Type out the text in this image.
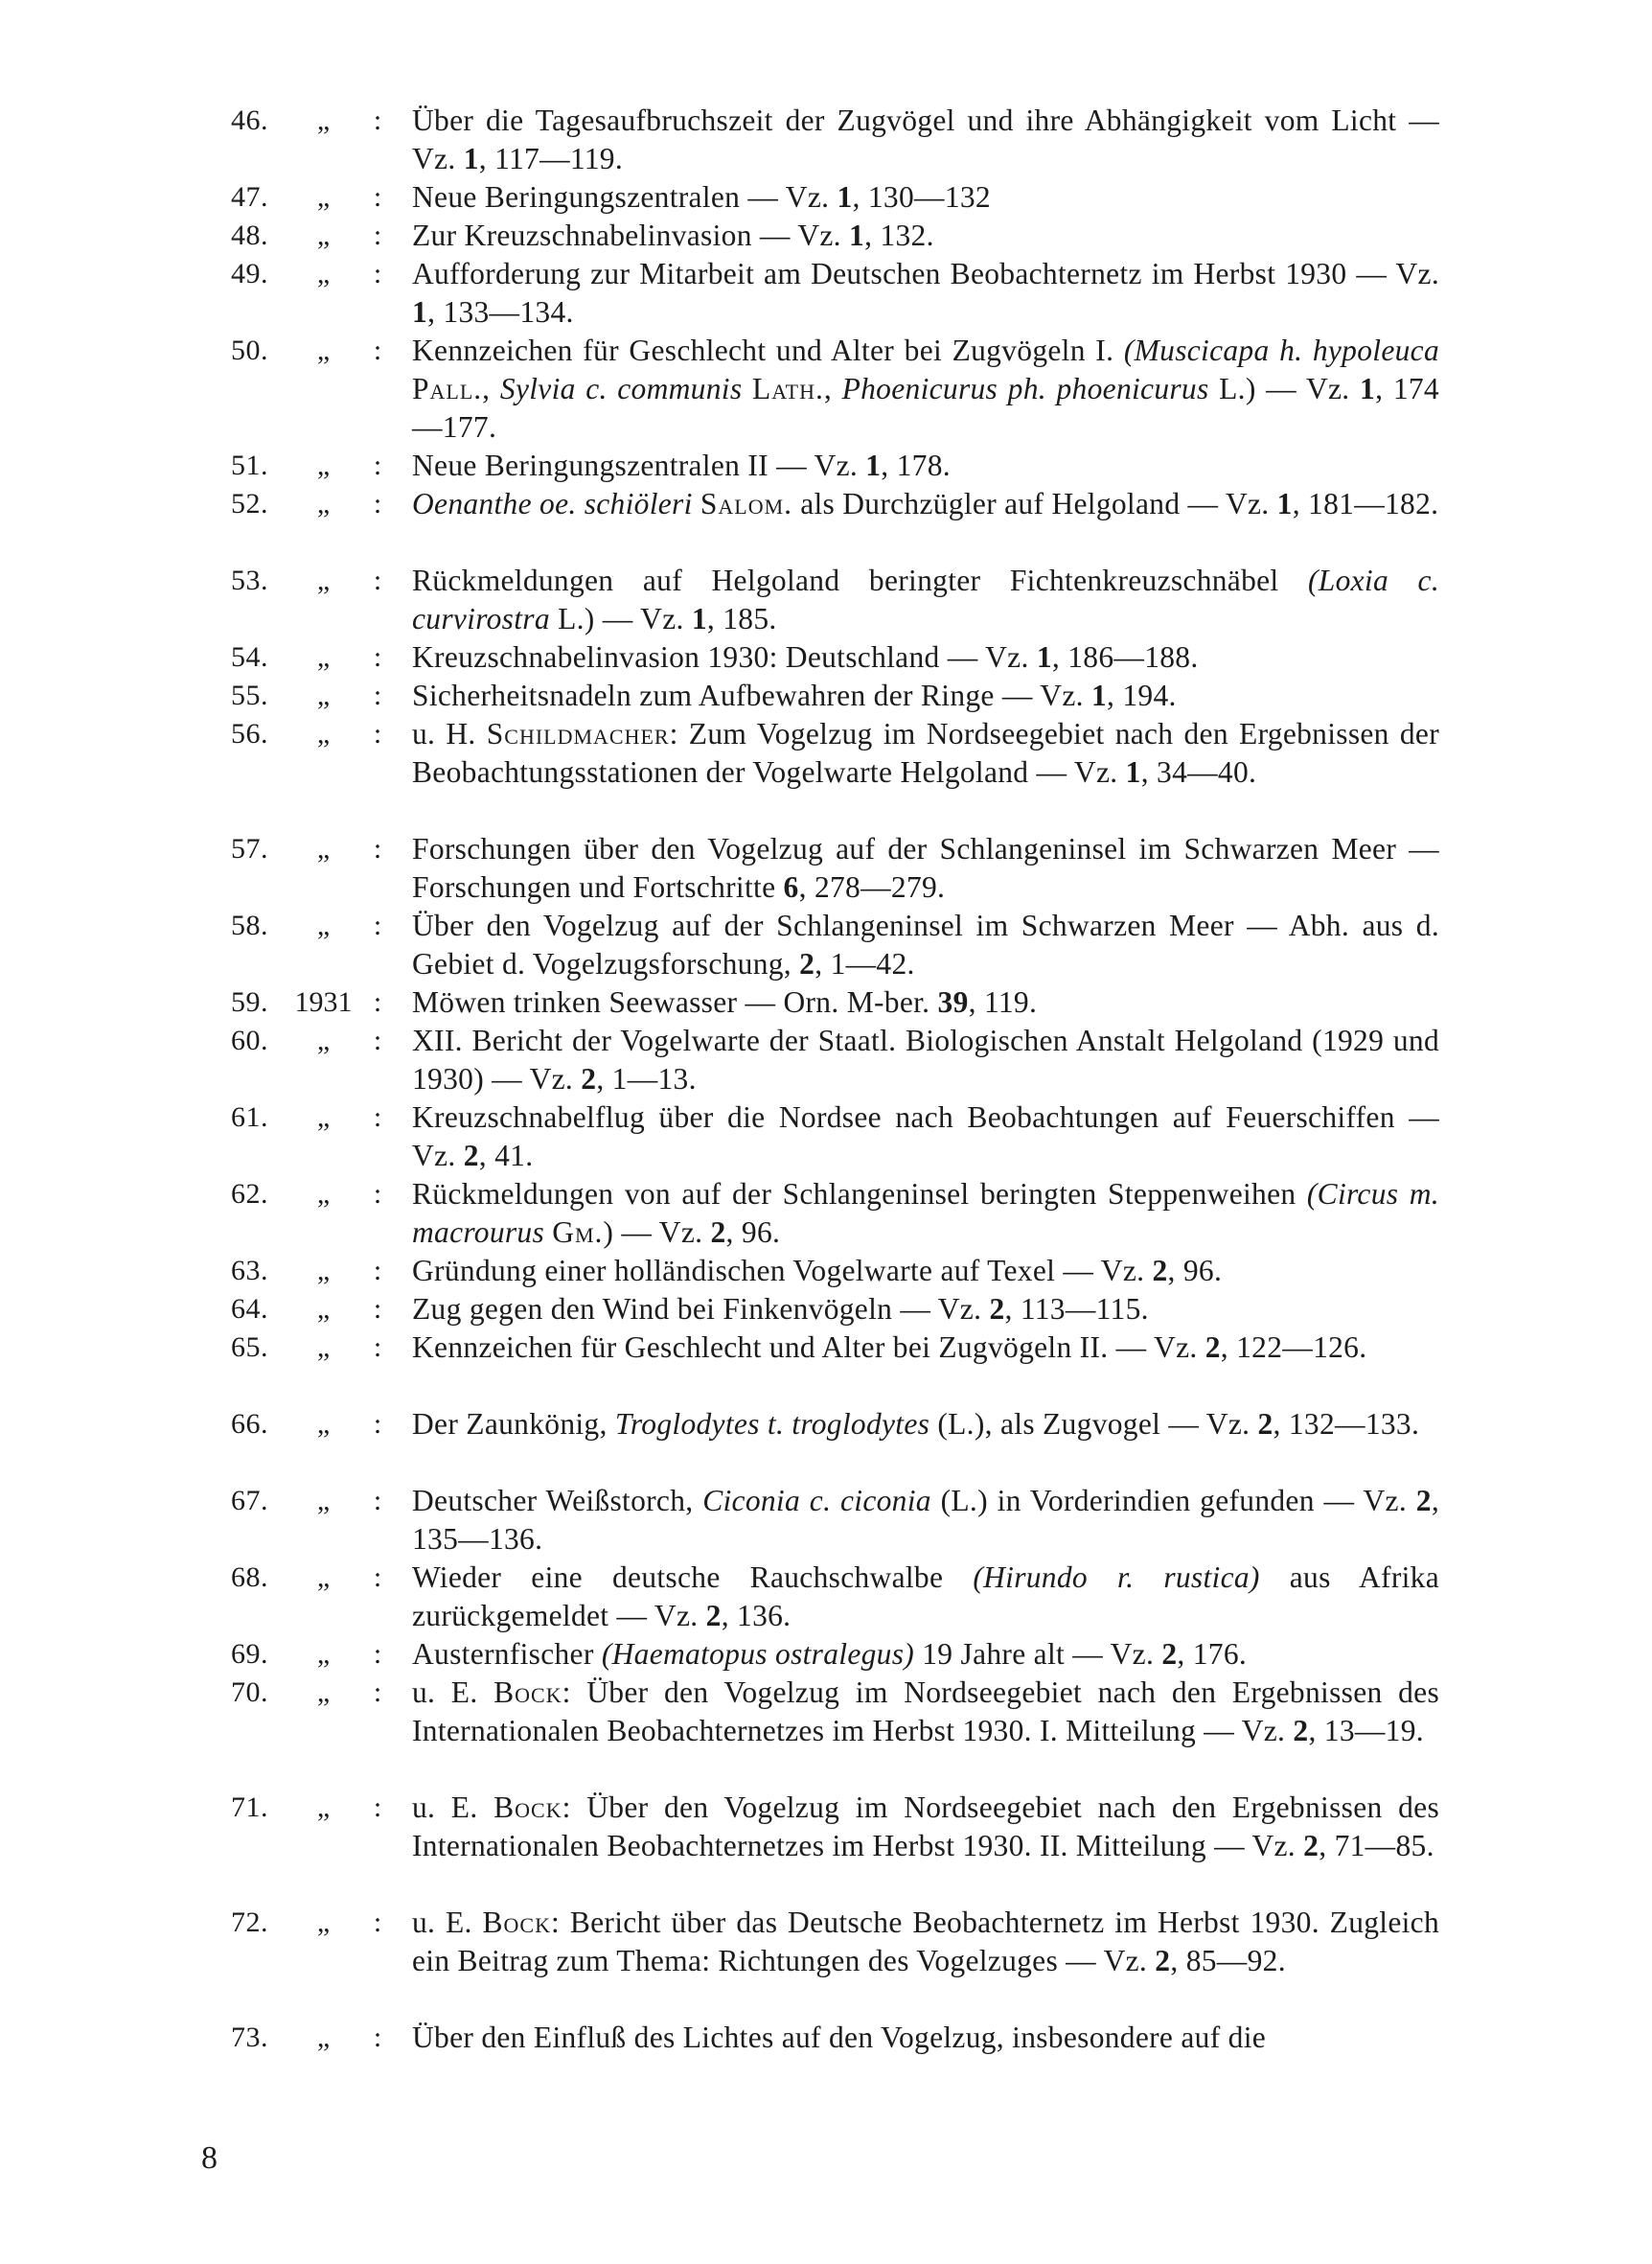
46.	„	: Über die Tagesaufbruchszeit der Zugvögel und ihre Abhängigkeit vom Licht — Vz. 1, 117—119.

47.	„	: Neue Beringungszentralen — Vz. 1, 130—132

48.	„	: Zur Kreuzschnabelinvasion — Vz. 1, 132.

49.	„	: Aufforderung zur Mitarbeit am Deutschen Beobachternetz im Herbst 1930 — Vz. 1, 133—134.

50.	„	: Kennzeichen für Geschlecht und Alter bei Zugvögeln I. (Muscicapa h. hypoleuca Pall., Sylvia c. communis Lath., Phoenicurus ph. phoenicurus L.) — Vz. 1, 174—177.

51.	„	: Neue Beringungszentralen II — Vz. 1, 178.

52.	„	: Oenanthe oe. schiöleri Salom. als Durchzügler auf Helgoland — Vz. 1, 181—182.

53.	„	: Rückmeldungen auf Helgoland beringter Fichtenkreuzschnäbel (Loxia c. curvirostra L.) — Vz. 1, 185.

54.	„	: Kreuzschnabelinvasion 1930: Deutschland — Vz. 1, 186—188.

55.	„	: Sicherheitsnadeln zum Aufbewahren der Ringe — Vz. 1, 194.

56.	„	: u. H. Schildmacher: Zum Vogelzug im Nordseegebiet nach den Ergebnissen der Beobachtungsstationen der Vogelwarte Helgoland — Vz. 1, 34—40.

57.	„	: Forschungen über den Vogelzug auf der Schlangeninsel im Schwarzen Meer — Forschungen und Fortschritte 6, 278—279.

58.	„	: Über den Vogelzug auf der Schlangeninsel im Schwarzen Meer — Abh. aus d. Gebiet d. Vogelzugsforschung, 2, 1—42.

59. 1931 : Möwen trinken Seewasser — Orn. M-ber. 39, 119.

60.	„	: XII. Bericht der Vogelwarte der Staatl. Biologischen Anstalt Helgoland (1929 und 1930) — Vz. 2, 1—13.

61.	„	: Kreuzschnabelflug über die Nordsee nach Beobachtungen auf Feuerschiffen — Vz. 2, 41.

62.	„	: Rückmeldungen von auf der Schlangeninsel beringten Steppenweihen (Circus m. macrourus Gm.) — Vz. 2, 96.

63.	„	: Gründung einer holländischen Vogelwarte auf Texel — Vz. 2, 96.

64.	„	: Zug gegen den Wind bei Finkenvögeln — Vz. 2, 113—115.

65.	„	: Kennzeichen für Geschlecht und Alter bei Zugvögeln II. — Vz. 2, 122—126.

66.	„	: Der Zaunkönig, Troglodytes t. troglodytes (L.), als Zugvogel — Vz. 2, 132—133.

67.	„	: Deutscher Weißstorch, Ciconia c. ciconia (L.) in Vorderindien gefunden — Vz. 2, 135—136.

68.	„	: Wieder eine deutsche Rauchschwalbe (Hirundo r. rustica) aus Afrika zurückgemeldet — Vz. 2, 136.

69.	„	: Austernfischer (Haematopus ostralegus) 19 Jahre alt — Vz. 2, 176.

70.	„	: u. E. Bock: Über den Vogelzug im Nordseegebiet nach den Ergebnissen des Internationalen Beobachternetzes im Herbst 1930. I. Mitteilung — Vz. 2, 13—19.

71.	„	: u. E. Bock: Über den Vogelzug im Nordseegebiet nach den Ergebnissen des Internationalen Beobachternetzes im Herbst 1930. II. Mitteilung — Vz. 2, 71—85.

72.	„	: u. E. Bock: Bericht über das Deutsche Beobachternetz im Herbst 1930. Zugleich ein Beitrag zum Thema: Richtungen des Vogelzuges — Vz. 2, 85—92.

73.	„	: Über den Einfluß des Lichtes auf den Vogelzug, insbesondere auf die

8
